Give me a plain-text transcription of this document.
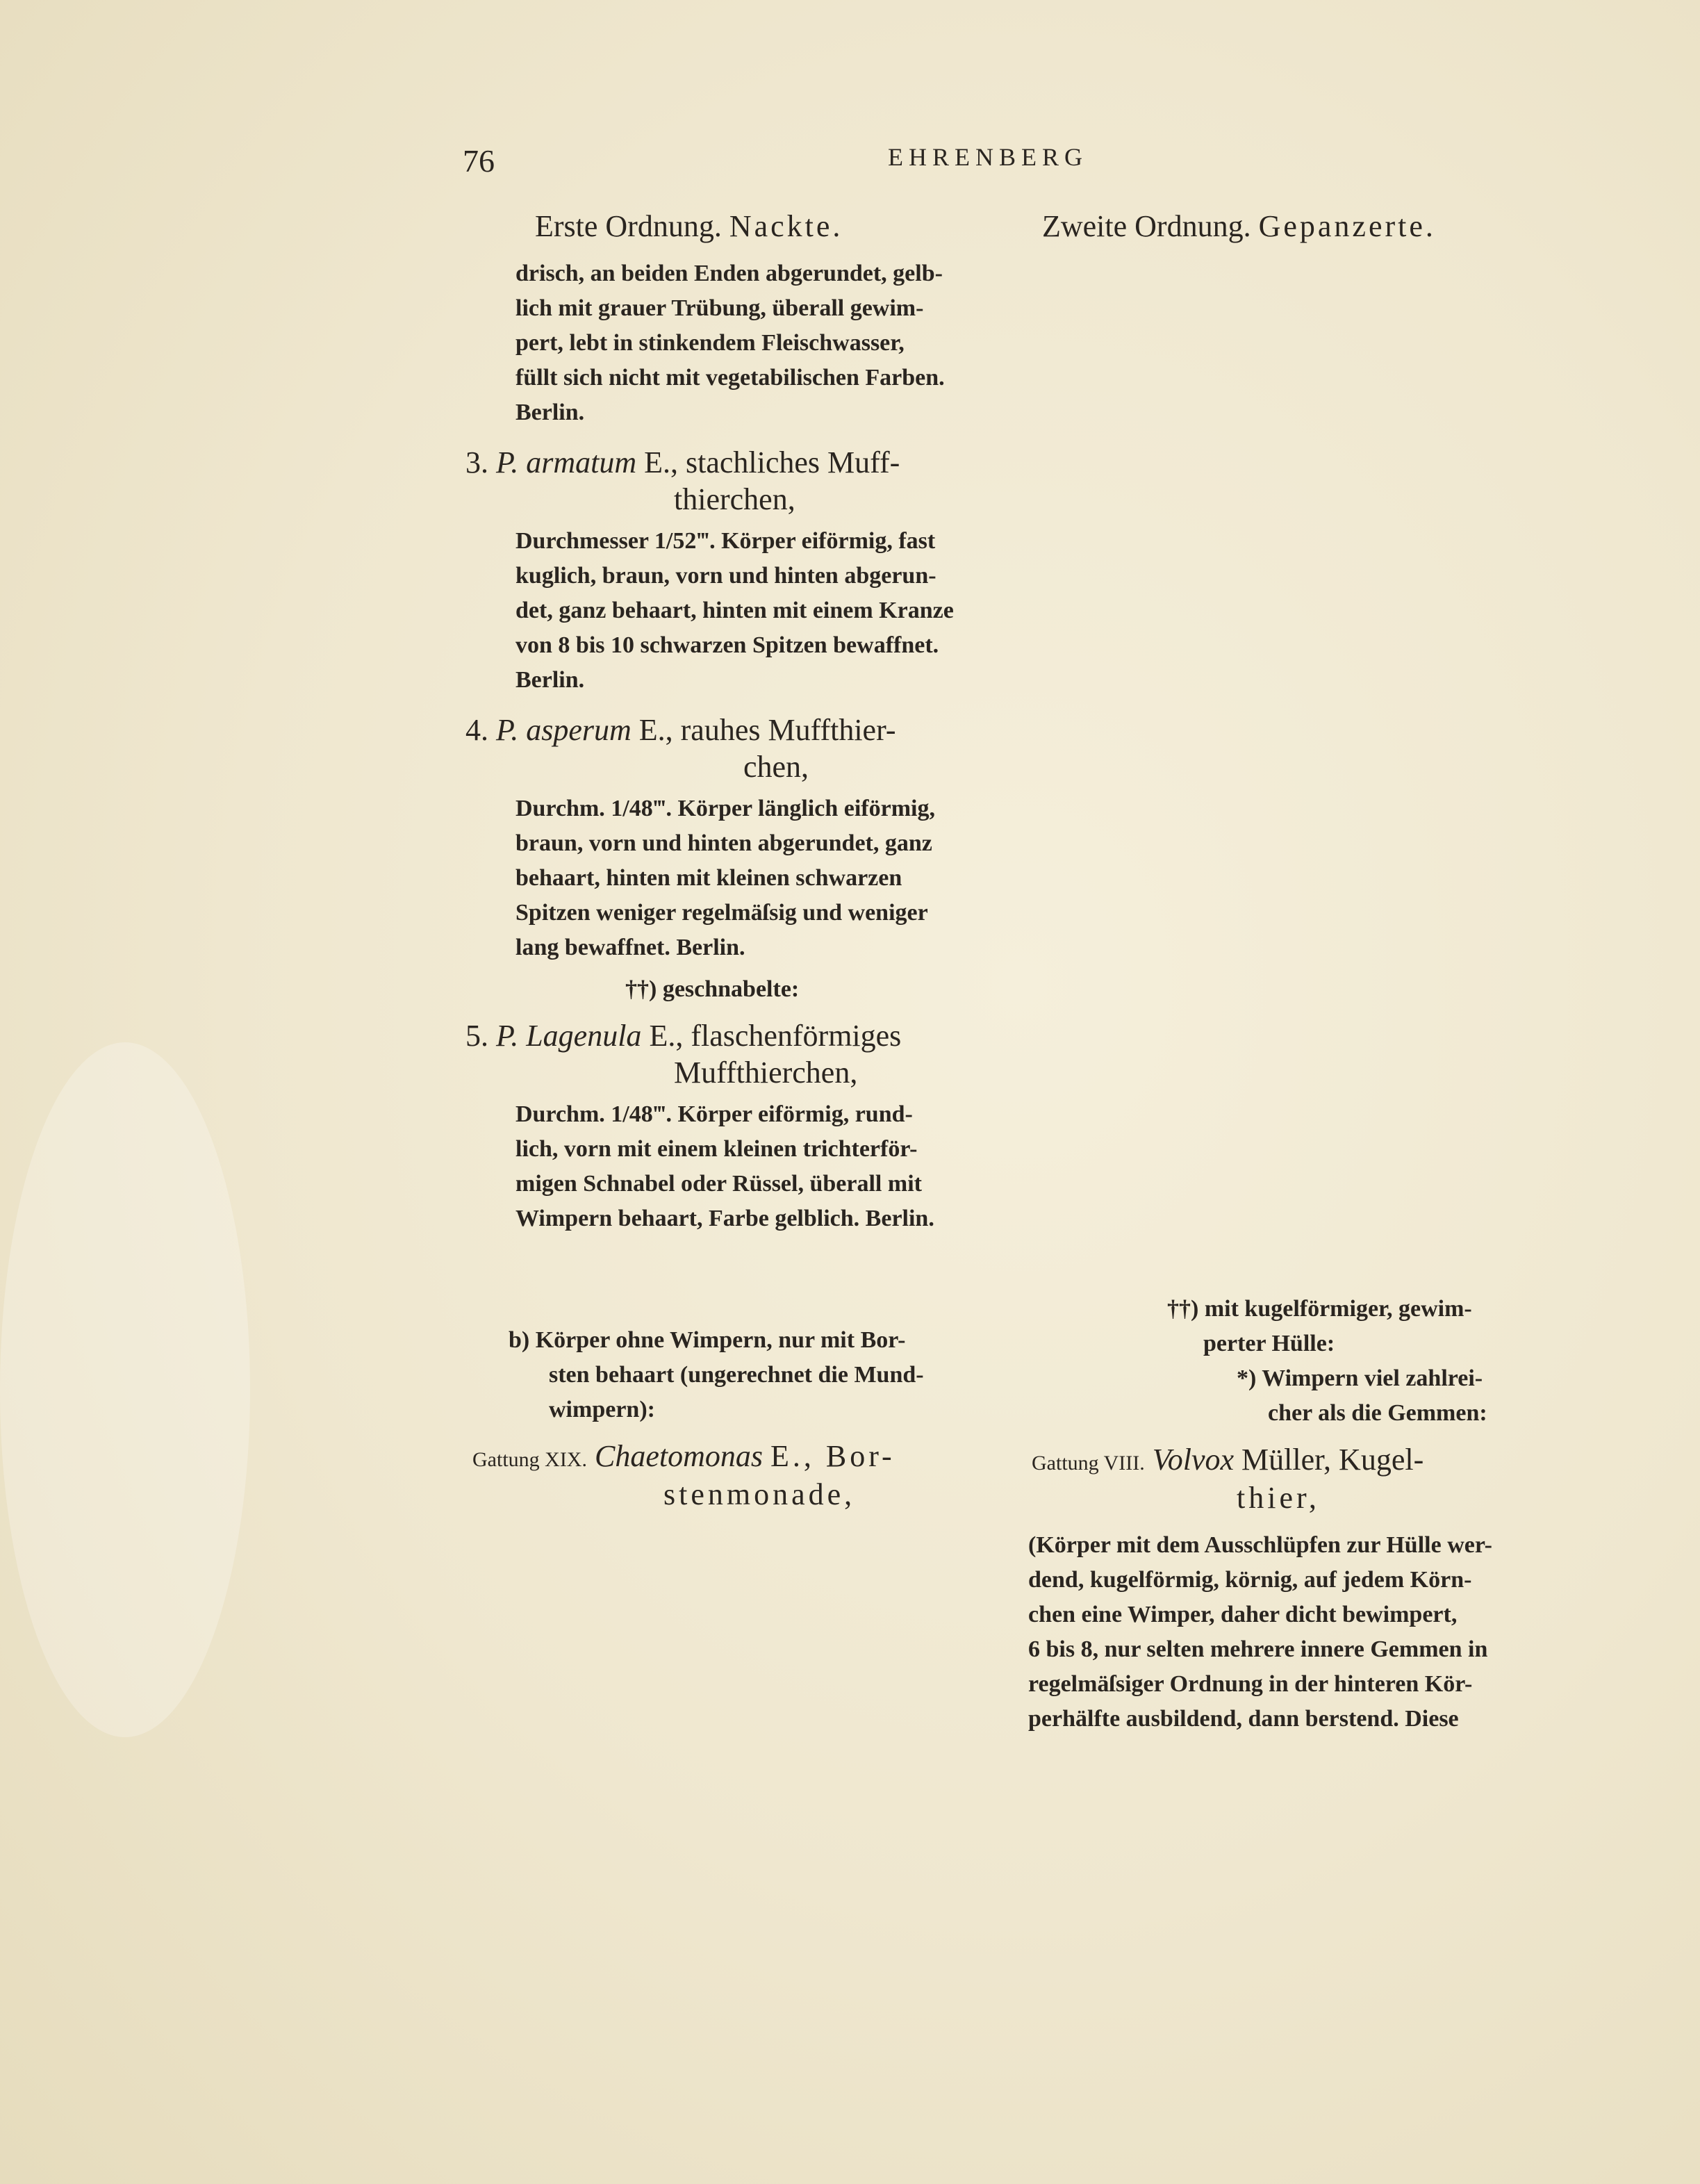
76	EHRENBERG
Erste Ordnung. Nackte.	Zweite Ordnung. Gepanzerte.
drisch, an beiden Enden abgerundet, gelb-
lich mit grauer Trübung, überall gewim-
pert, lebt in stinkendem Fleischwasser,
füllt sich nicht mit vegetabilischen Farben.
Berlin.
3. P. armatum E., stachliches Muff-
thierchen,
Durchmesser 1/52‴. Körper eiförmig, fast
kuglich, braun, vorn und hinten abgerun-
det, ganz behaart, hinten mit einem Kranze
von 8 bis 10 schwarzen Spitzen bewaffnet.
Berlin.
4. P. asperum E., rauhes Muffthier-
chen,
Durchm. 1/48‴. Körper länglich eiförmig,
braun, vorn und hinten abgerundet, ganz
behaart, hinten mit kleinen schwarzen
Spitzen weniger regelmäſsig und weniger
lang bewaffnet. Berlin.
††) geschnabelte:
5. P. Lagenula E., flaschenförmiges
Muffthierchen,
Durchm. 1/48‴. Körper eiförmig, rund-
lich, vorn mit einem kleinen trichterför-
migen Schnabel oder Rüssel, überall mit
Wimpern behaart, Farbe gelblich. Berlin.
b) Körper ohne Wimpern, nur mit Bor-
sten behaart (ungerechnet die Mund-
wimpern):
Gattung XIX. Chaetomonas E., Bor-
stenmonade,
††) mit kugelförmiger, gewim-
perter Hülle:
*) Wimpern viel zahlrei-
cher als die Gemmen:
Gattung VIII. Volvox Müller, Kugel-
thier,
(Körper mit dem Ausschlüpfen zur Hülle wer-
dend, kugelförmig, körnig, auf jedem Körn-
chen eine Wimper, daher dicht bewimpert,
6 bis 8, nur selten mehrere innere Gemmen in
regelmäſsiger Ordnung in der hinteren Kör-
perhälfte ausbildend, dann berstend. Diese
